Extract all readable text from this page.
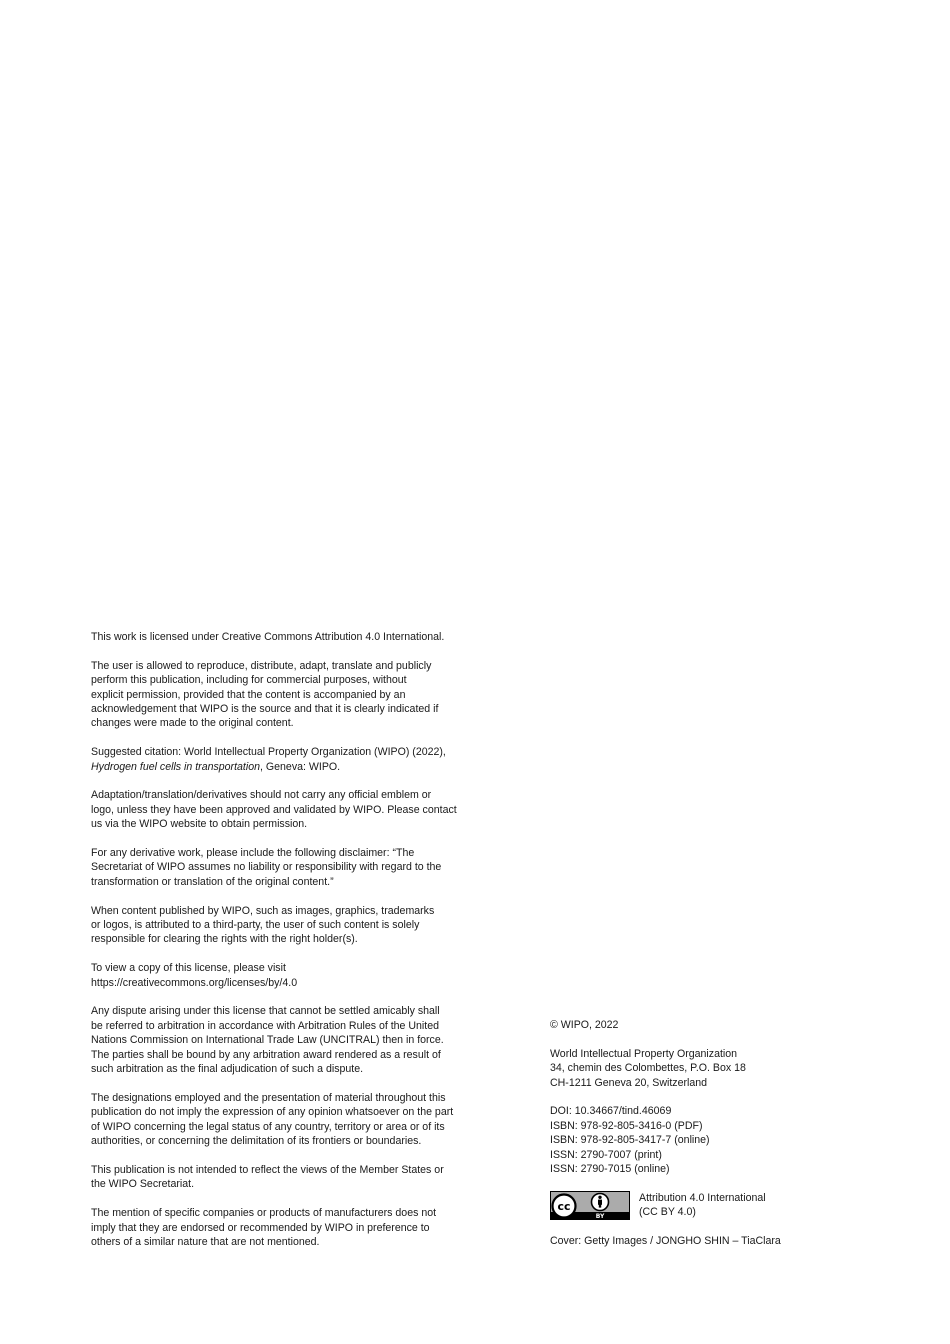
This work is licensed under Creative Commons Attribution 4.0 International.

The user is allowed to reproduce, distribute, adapt, translate and publicly
perform this publication, including for commercial purposes, without
explicit permission, provided that the content is accompanied by an
acknowledgement that WIPO is the source and that it is clearly indicated if
changes were made to the original content.

Suggested citation: World Intellectual Property Organization (WIPO) (2022),
Hydrogen fuel cells in transportation, Geneva: WIPO.

Adaptation/translation/derivatives should not carry any official emblem or
logo, unless they have been approved and validated by WIPO. Please contact
us via the WIPO website to obtain permission.

For any derivative work, please include the following disclaimer: “The
Secretariat of WIPO assumes no liability or responsibility with regard to the
transformation or translation of the original content.”

When content published by WIPO, such as images, graphics, trademarks
or logos, is attributed to a third-party, the user of such content is solely
responsible for clearing the rights with the right holder(s).

To view a copy of this license, please visit
https://creativecommons.org/licenses/by/4.0

Any dispute arising under this license that cannot be settled amicably shall
be referred to arbitration in accordance with Arbitration Rules of the United
Nations Commission on International Trade Law (UNCITRAL) then in force.
The parties shall be bound by any arbitration award rendered as a result of
such arbitration as the final adjudication of such a dispute.

The designations employed and the presentation of material throughout this
publication do not imply the expression of any opinion whatsoever on the part
of WIPO concerning the legal status of any country, territory or area or of its
authorities, or concerning the delimitation of its frontiers or boundaries.

This publication is not intended to reflect the views of the Member States or
the WIPO Secretariat.

The mention of specific companies or products of manufacturers does not
imply that they are endorsed or recommended by WIPO in preference to
others of a similar nature that are not mentioned.

© WIPO, 2022

World Intellectual Property Organization
34, chemin des Colombettes, P.O. Box 18
CH-1211 Geneva 20, Switzerland

DOI: 10.34667/tind.46069
ISBN: 978-92-805-3416-0 (PDF)
ISBN: 978-92-805-3417-7 (online)
ISSN: 2790-7007 (print)
ISSN: 2790-7015 (online)

cc
BY
Attribution 4.0 International
(CC BY 4.0)

Cover: Getty Images / JONGHO SHIN – TiaClara
